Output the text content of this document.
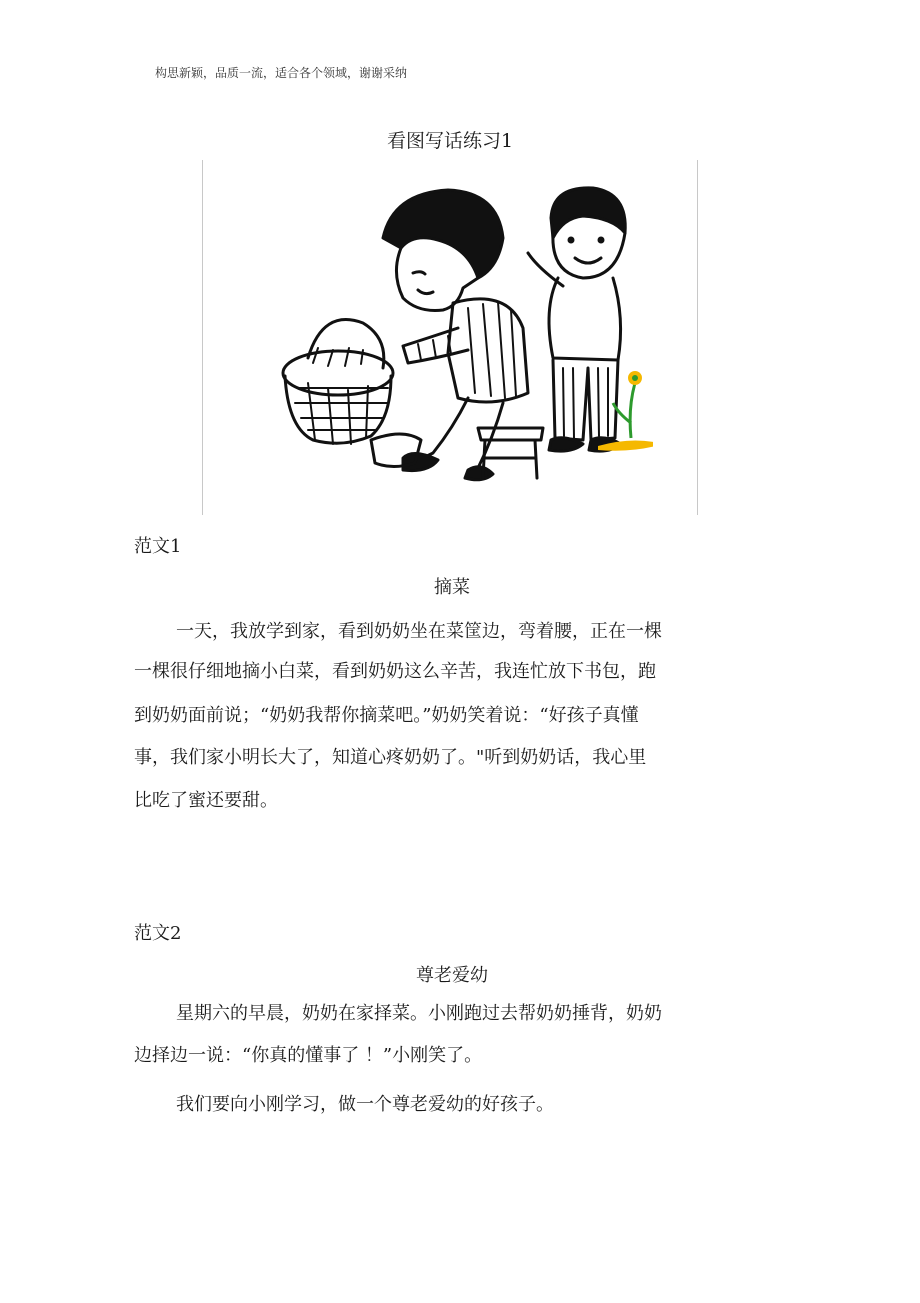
构思新颖，品质一流，适合各个领域，谢谢采纳
看图写话练习1
范文1
摘菜
一天，我放学到家，看到奶奶坐在菜筐边，弯着腰，正在一棵
一棵很仔细地摘小白菜，看到奶奶这么辛苦，我连忙放下书包，跑
到奶奶面前说；“奶奶我帮你摘菜吧。”奶奶笑着说：“好孩子真懂
事，我们家小明长大了，知道心疼奶奶了。"听到奶奶话，我心里
比吃了蜜还要甜。
范文2
尊老爱幼
星期六的早晨，奶奶在家择菜。小刚跑过去帮奶奶捶背，奶奶
边择边一说：“你真的懂事了 ！”小刚笑了。
我们要向小刚学习，做一个尊老爱幼的好孩子。
